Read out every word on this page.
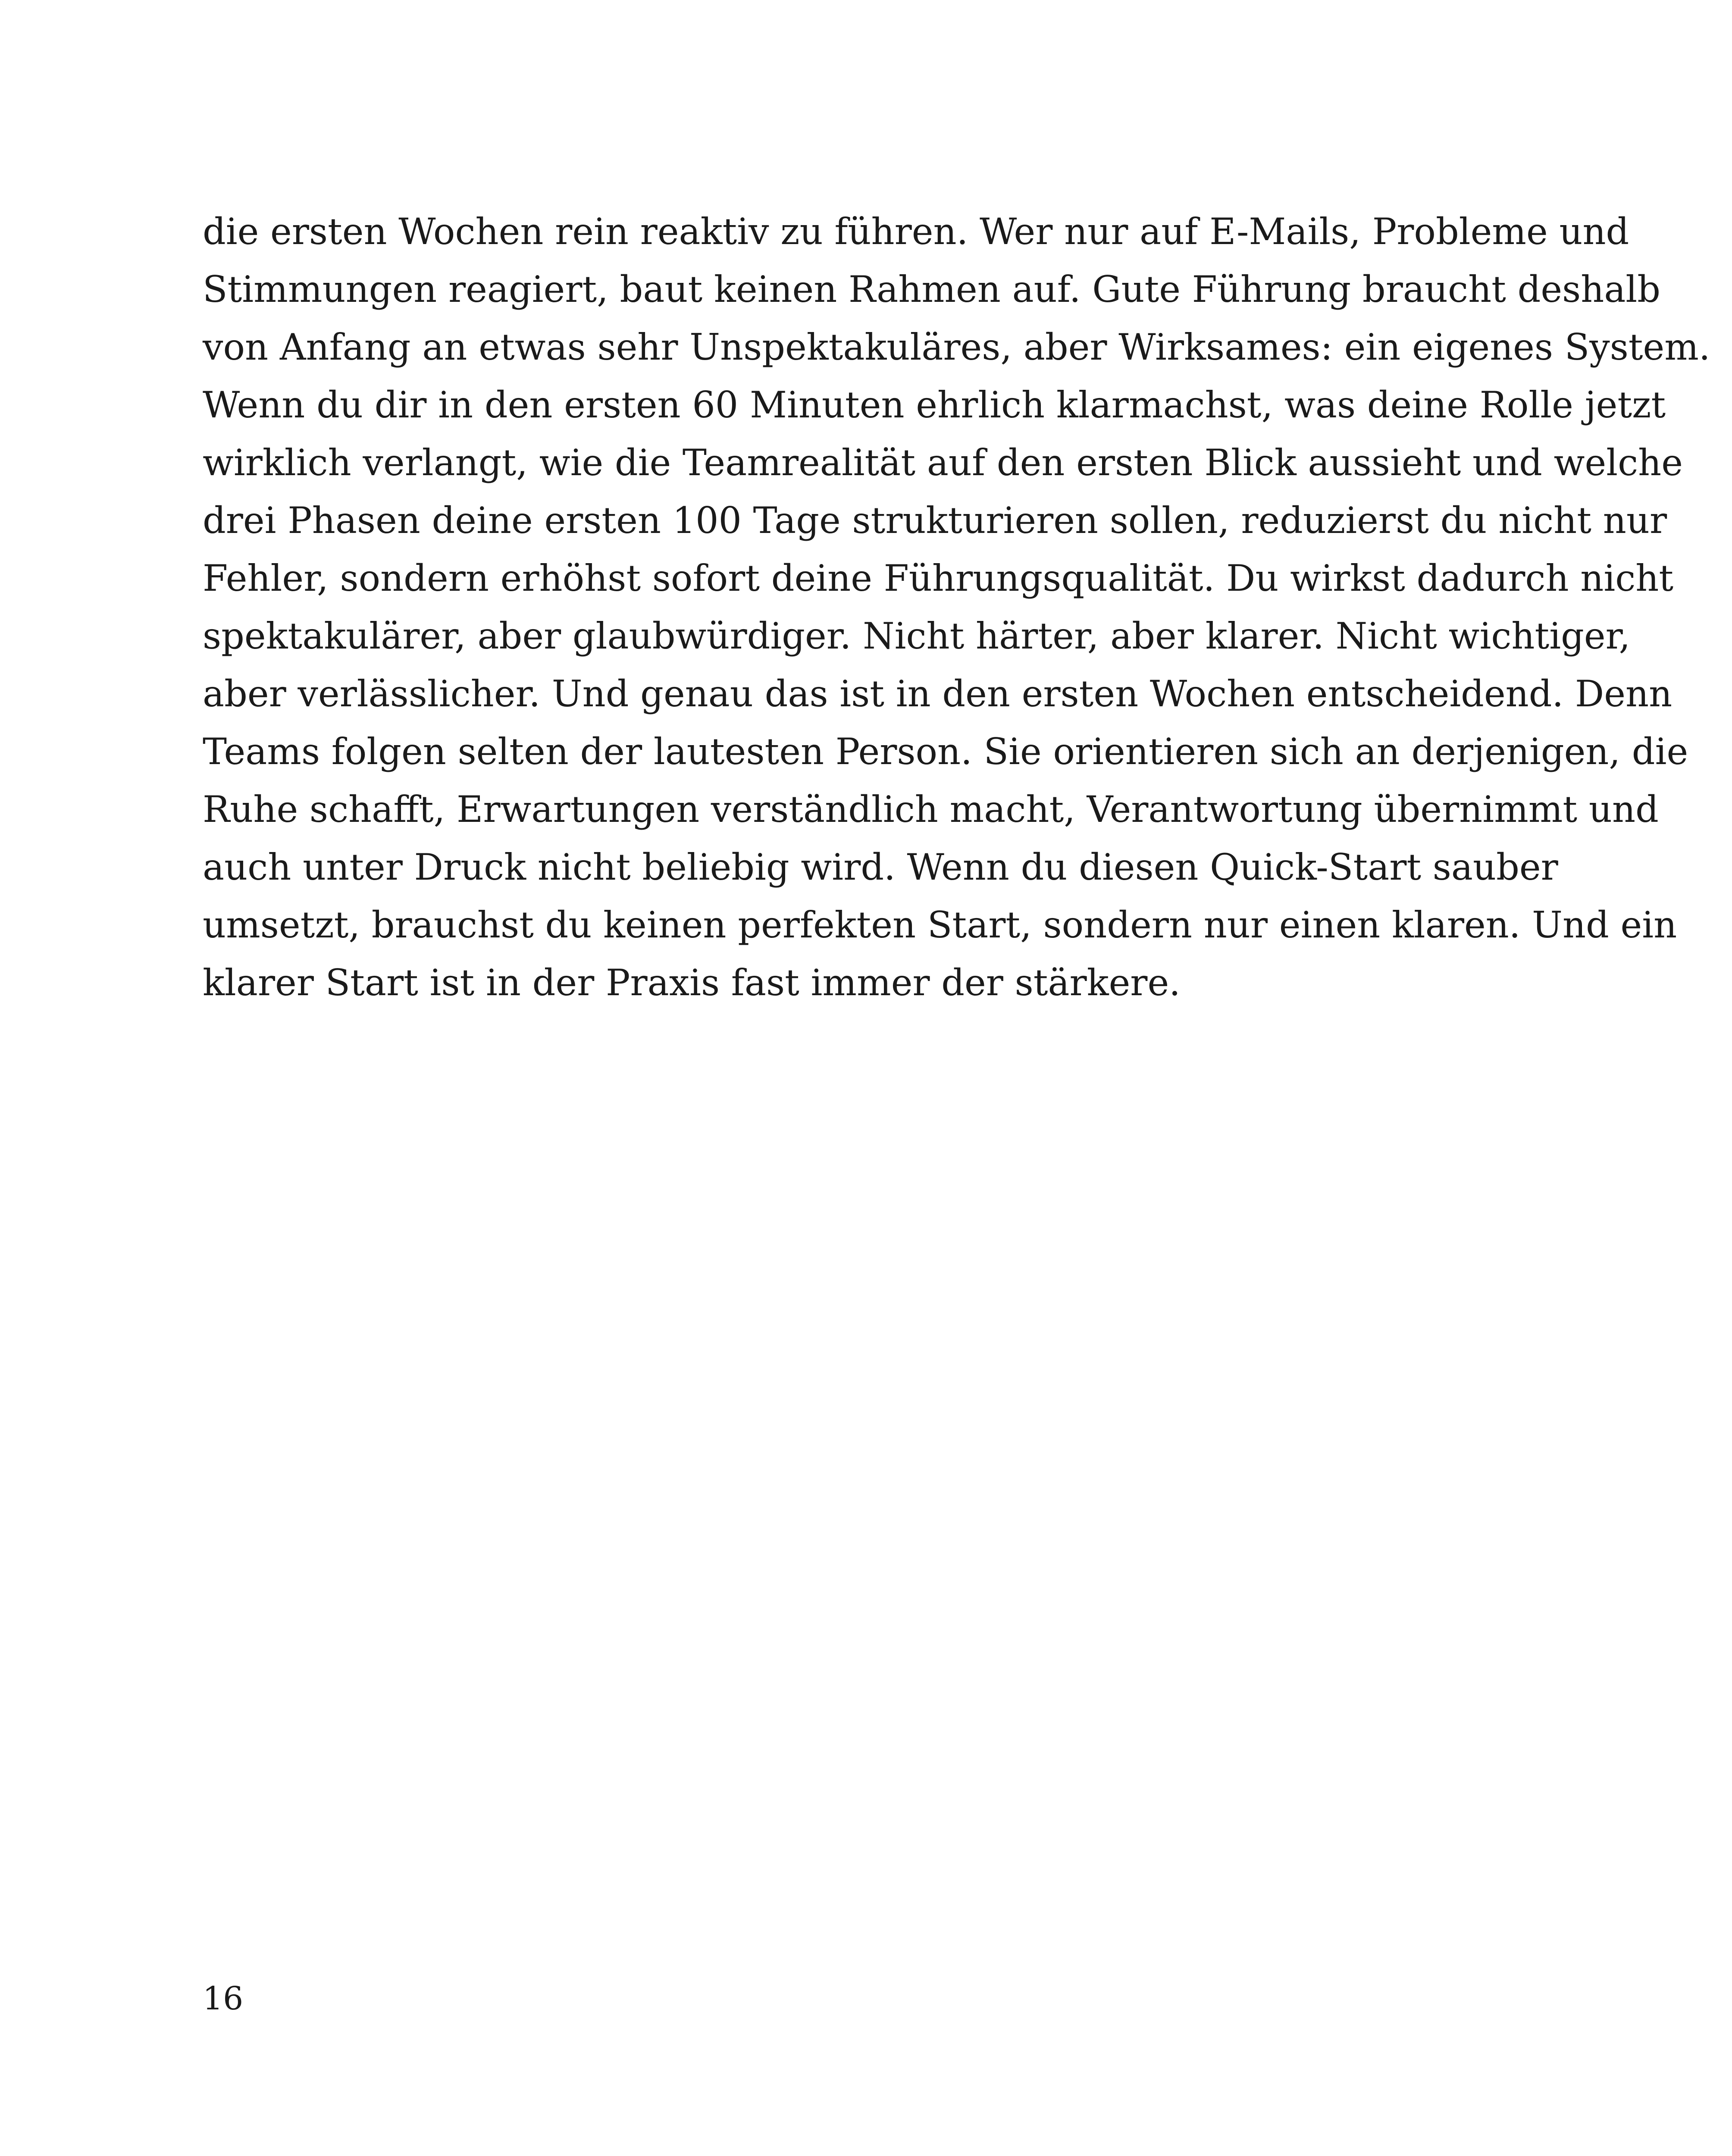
die ersten Wochen rein reaktiv zu führen. Wer nur auf E-Mails, Probleme und
Stimmungen reagiert, baut keinen Rahmen auf. Gute Führung braucht deshalb
von Anfang an etwas sehr Unspektakuläres, aber Wirksames: ein eigenes System.
Wenn du dir in den ersten 60 Minuten ehrlich klarmachst, was deine Rolle jetzt
wirklich verlangt, wie die Teamrealität auf den ersten Blick aussieht und welche
drei Phasen deine ersten 100 Tage strukturieren sollen, reduzierst du nicht nur
Fehler, sondern erhöhst sofort deine Führungsqualität. Du wirkst dadurch nicht
spektakulärer, aber glaubwürdiger. Nicht härter, aber klarer. Nicht wichtiger,
aber verlässlicher. Und genau das ist in den ersten Wochen entscheidend. Denn
Teams folgen selten der lautesten Person. Sie orientieren sich an derjenigen, die
Ruhe schafft, Erwartungen verständlich macht, Verantwortung übernimmt und
auch unter Druck nicht beliebig wird. Wenn du diesen Quick-Start sauber
umsetzt, brauchst du keinen perfekten Start, sondern nur einen klaren. Und ein
klarer Start ist in der Praxis fast immer der stärkere.
16
